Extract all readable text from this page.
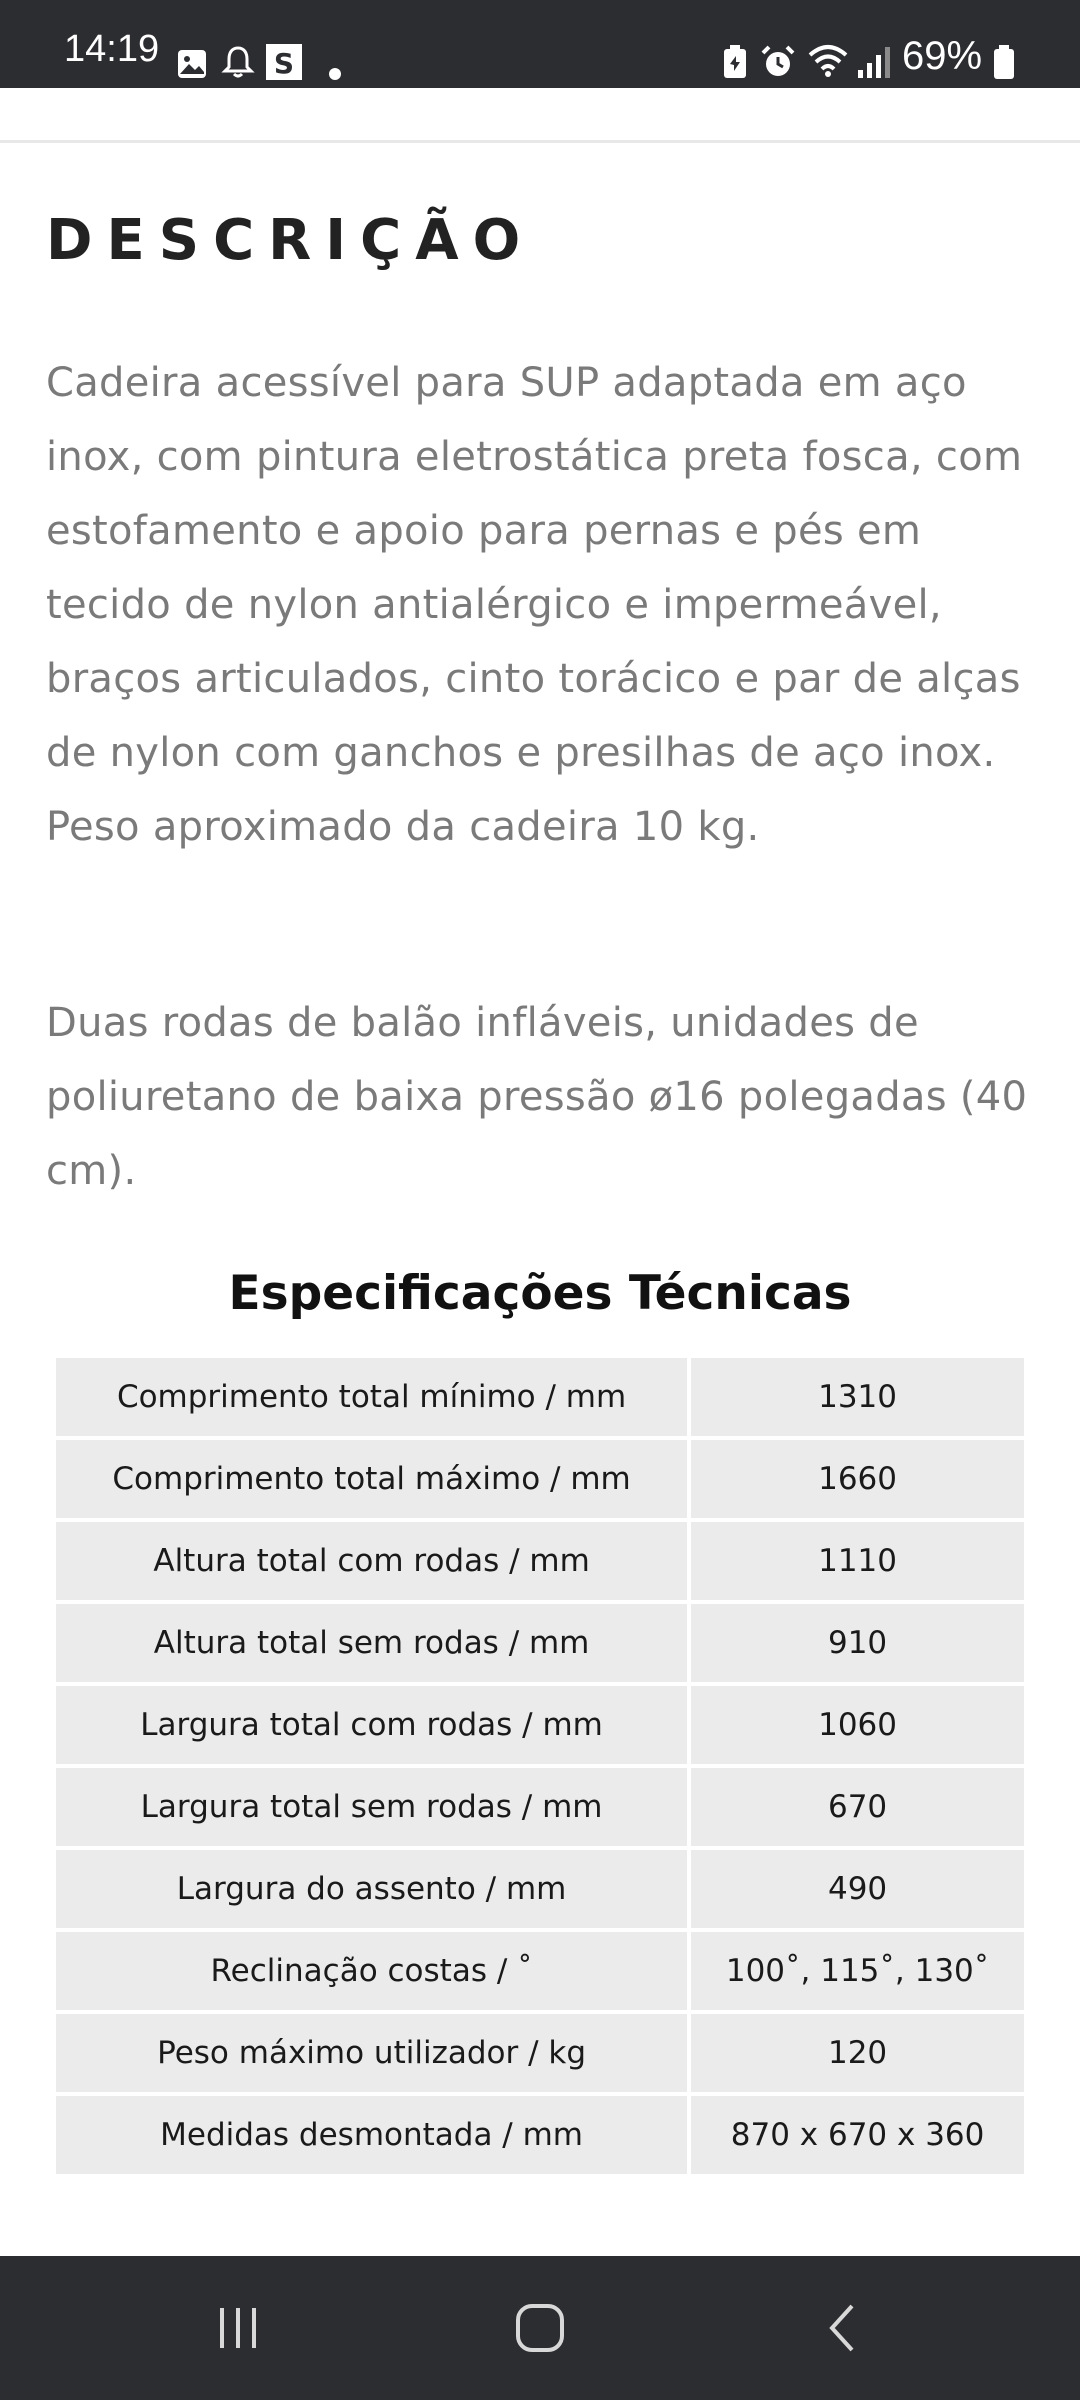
14:19	S	69%
DESCRIÇÃO

Cadeira acessível para SUP adaptada em aço inox, com pintura eletrostática preta fosca, com estofamento e apoio para pernas e pés em tecido de nylon antialérgico e impermeável, braços articulados, cinto torácico e par de alças de nylon com ganchos e presilhas de aço inox. Peso aproximado da cadeira 10 kg.

Duas rodas de balão infláveis, unidades de poliuretano de baixa pressão ø16 polegadas (40 cm).

Especificações Técnicas
Comprimento total mínimo / mm	1310
Comprimento total máximo / mm	1660
Altura total com rodas / mm	1110
Altura total sem rodas / mm	910
Largura total com rodas / mm	1060
Largura total sem rodas / mm	670
Largura do assento / mm	490
Reclinação costas / ˚	100˚, 115˚, 130˚
Peso máximo utilizador / kg	120
Medidas desmontada / mm	870 x 670 x 360
